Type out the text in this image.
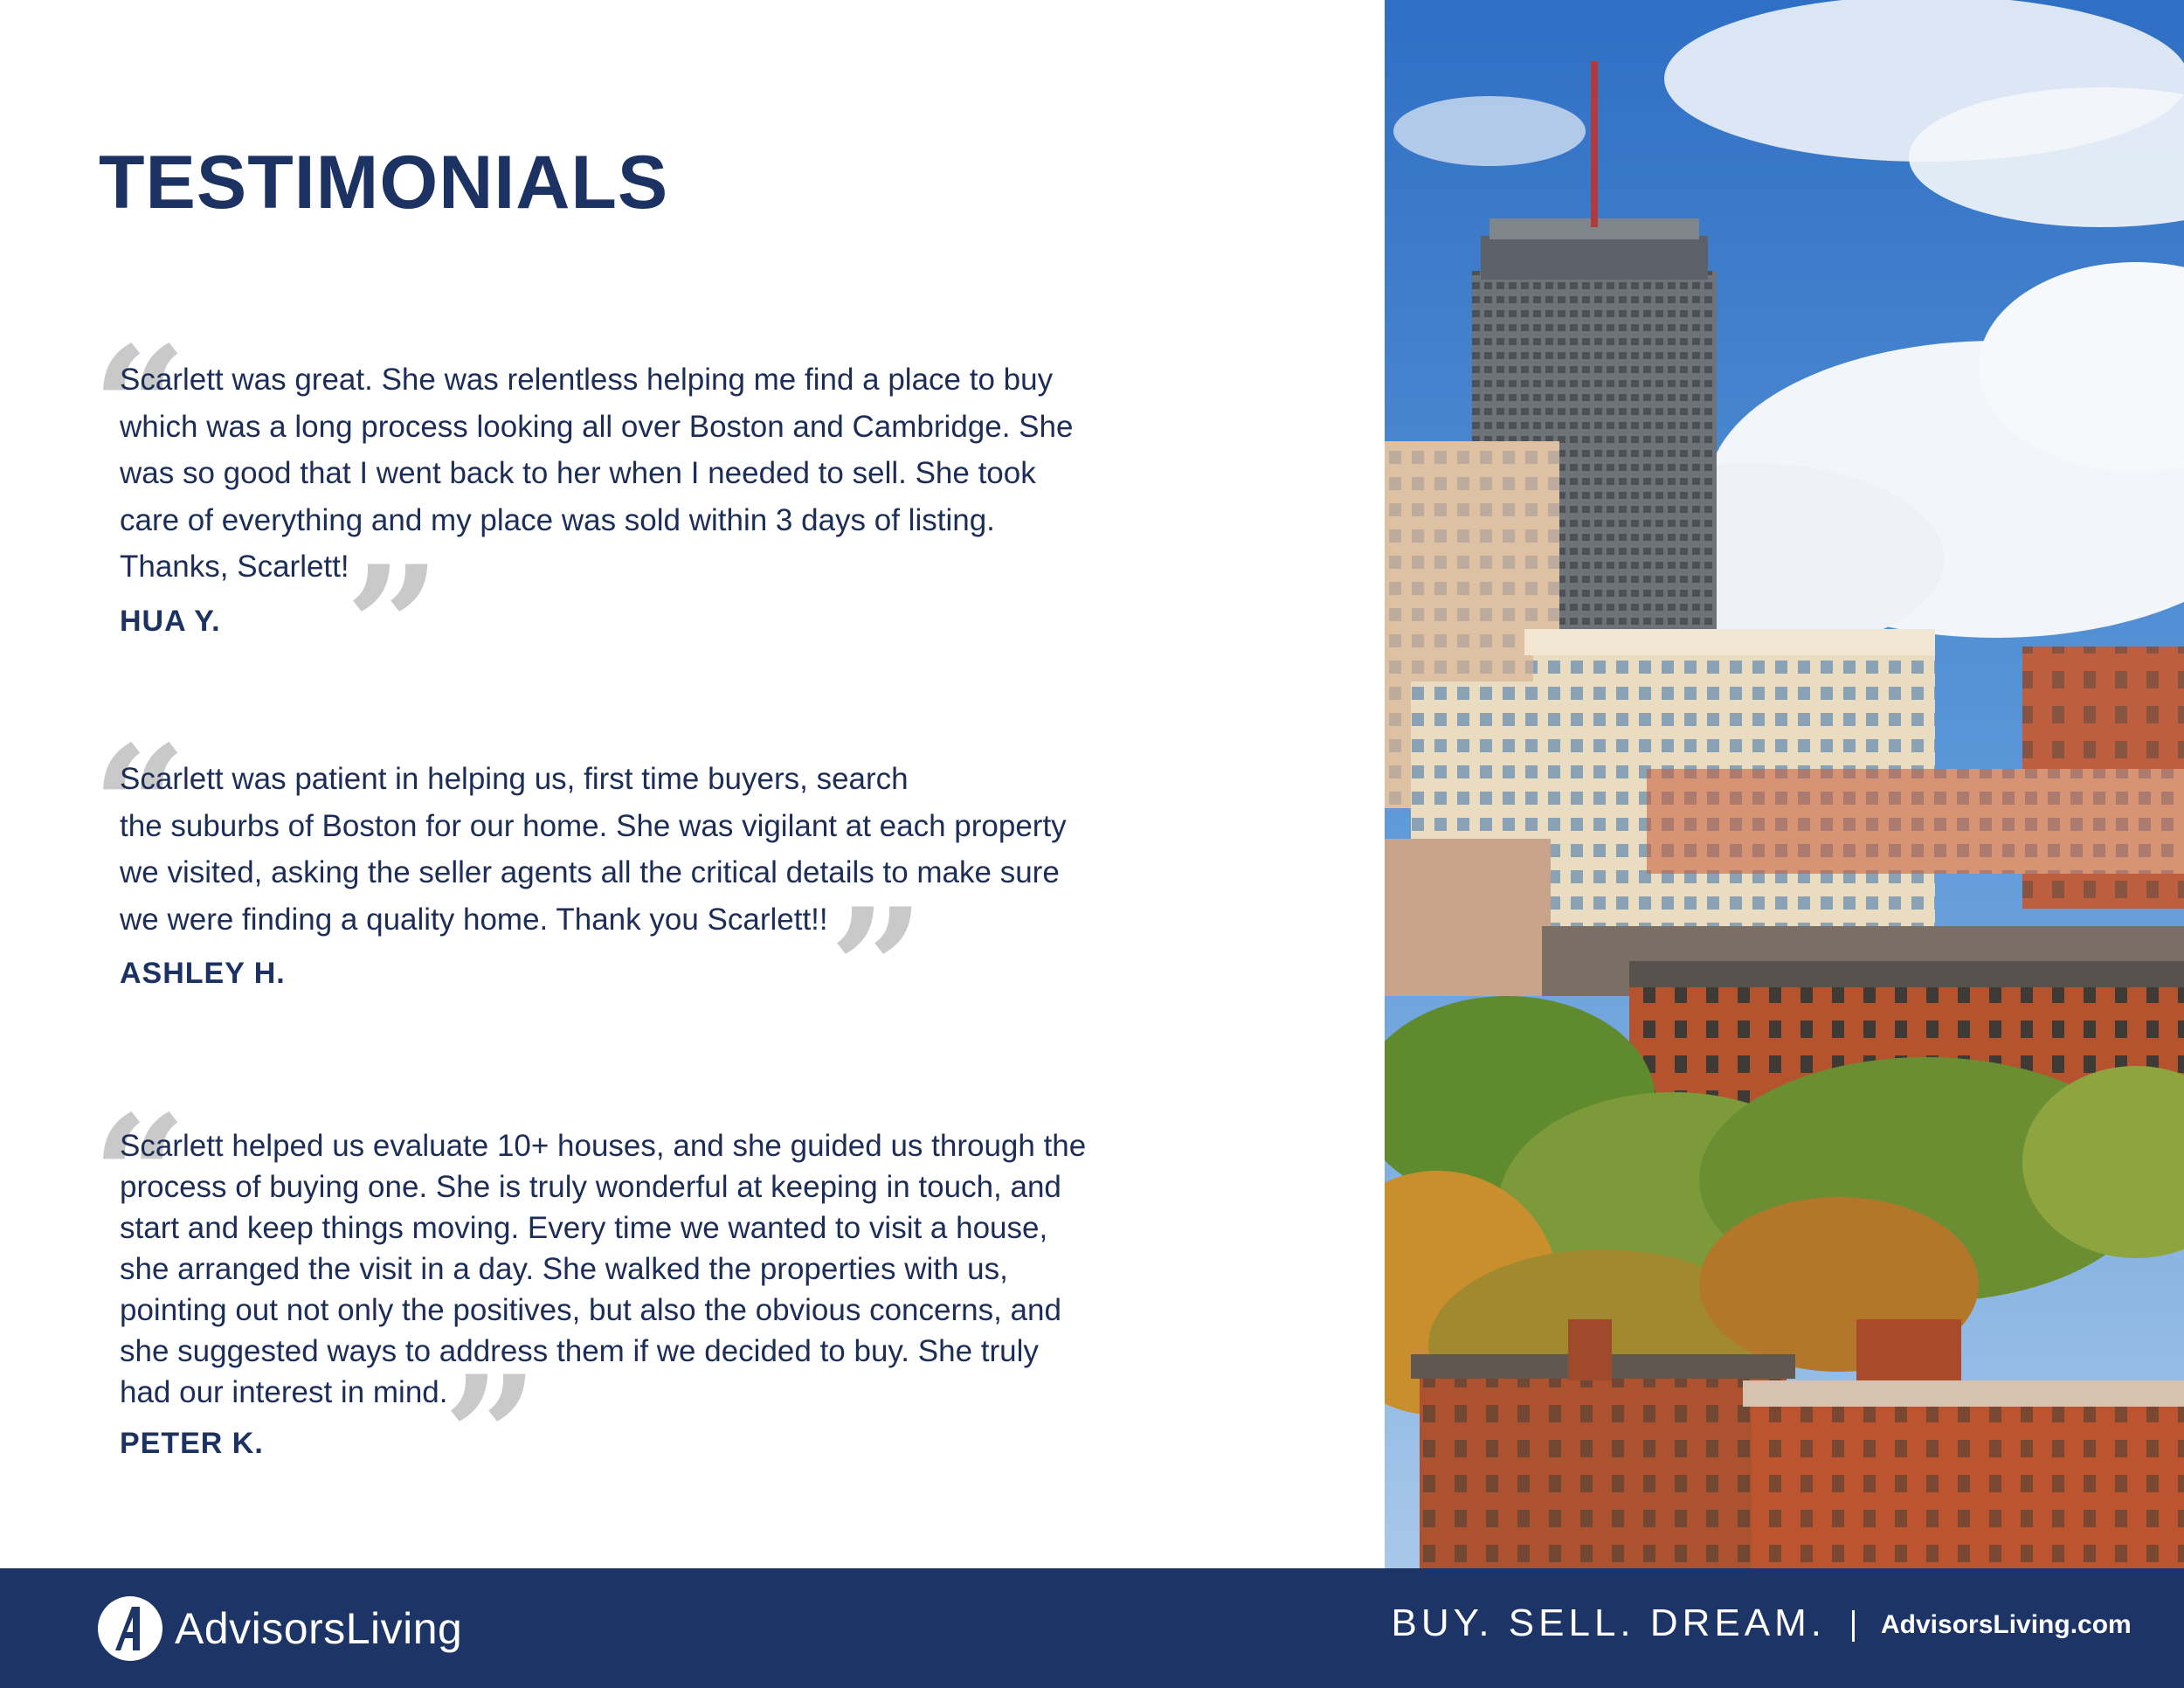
TESTIMONIALS
“
”

Scarlett was great. She was relentless helping me find a place to buy
which was a long process looking all over Boston and Cambridge. She
was so good that I went back to her when I needed to sell. She took
care of everything and my place was sold within 3 days of listing.
Thanks, Scarlett!

HUA Y.
“
”

Scarlett was patient in helping us, first time buyers, search
the suburbs of Boston for our home. She was vigilant at each property
we visited, asking the seller agents all the critical details to make sure
we were finding a quality home. Thank you Scarlett!!

ASHLEY H.
“
”

Scarlett helped us evaluate 10+ houses, and she guided us through the
process of buying one. She is truly wonderful at keeping in touch, and
start and keep things moving. Every time we wanted to visit a house,
she arranged the visit in a day. She walked the properties with us,
pointing out not only the positives, but also the obvious concerns, and
she suggested ways to address them if we decided to buy. She truly
had our interest in mind.

PETER K.
AdvisorsLiving	BUY. SELL. DREAM. AdvisorsLiving.com
